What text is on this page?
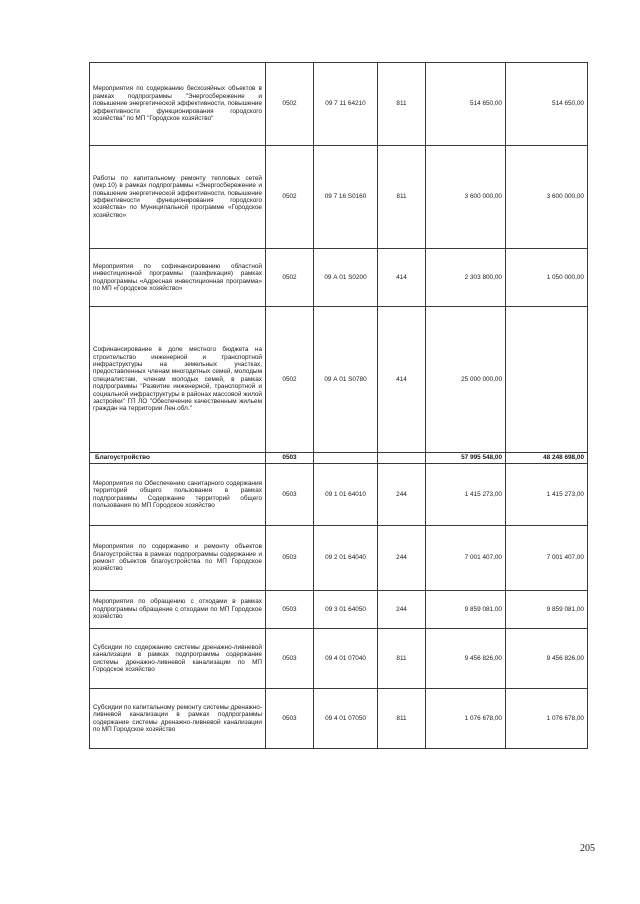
Мероприятия по содержанию бесхозяйных объектов в рамках подпрограммы "Энергосбережение и повышение энергетической эффективности, повышение эффективности функционирования городского хозяйства" по МП "Городское хозяйство"	0502	09 7 11 64210	811	514 650,00	514 650,00
Работы по капитальному ремонту тепловых сетей (мкр.10) в рамках подпрограммы «Энергосбережение и повышение энергетической эффективности, повышение эффективности функционирования городского хозяйства» по Муниципальной программе «Городское хозяйство»	0502	09 7 16 S0160	811	3 600 000,00	3 600 000,00
Мероприятия по софинансированию областной инвестиционной программы (газификация) рамках подпрограммы «Адресная инвестиционная программа» по МП «Городское хозяйство»	0502	09 А 01 S0200	414	2 303 800,00	1 050 000,00
Софинансирование в доле местного бюджета на строительство инженерной и транспортной инфраструктуры на земельных участках, предоставленных членам многодетных семей, молодым специалистам, членам молодых семей, в рамках подпрограммы "Развитие инженерной, транспортной и социальной инфраструктуры в районах массовой жилой застройки" ГП ЛО "Обеспечение качественным жильем граждан на территории Лен.обл."	0502	09 А 01 S0780	414	25 000 000,00	
Благоустройство	0503			57 995 548,00	48 248 698,00
Мероприятия по Обеспечению санитарного содержания территорий общего пользования в рамках подпрограммы Содержание территорий общего пользования по МП Городское хозяйство	0503	09 1 01 64010	244	1 415 273,00	1 415 273,00
Мероприятия по содержанию и ремонту объектов благоустройства в рамках подпрограммы содержание и ремонт объектов благоустройства по МП Городское хозяйство	0503	09 2 01 64040	244	7 001 407,00	7 001 407,00
Мероприятия по обращению с отходами в рамках подпрограммы обращение с отходами по МП Городское хозяйство	0503	09 3 01 64050	244	9 859 081,00	9 859 081,00
Субсидии по содержанию системы дренажно-ливневой канализации в рамках подпрограммы содержание системы дренажно-ливневой канализации по МП Городское хозяйство	0503	09 4 01 07040	811	9 456 826,00	9 456 826,00
Субсидии по капитальному ремонту системы дренажно-ливневой канализации в рамках подпрограммы содержание системы дренажно-ливневой канализации по МП Городское хозяйство	0503	09 4 01 07050	811	1 076 678,00	1 076 678,00
205
